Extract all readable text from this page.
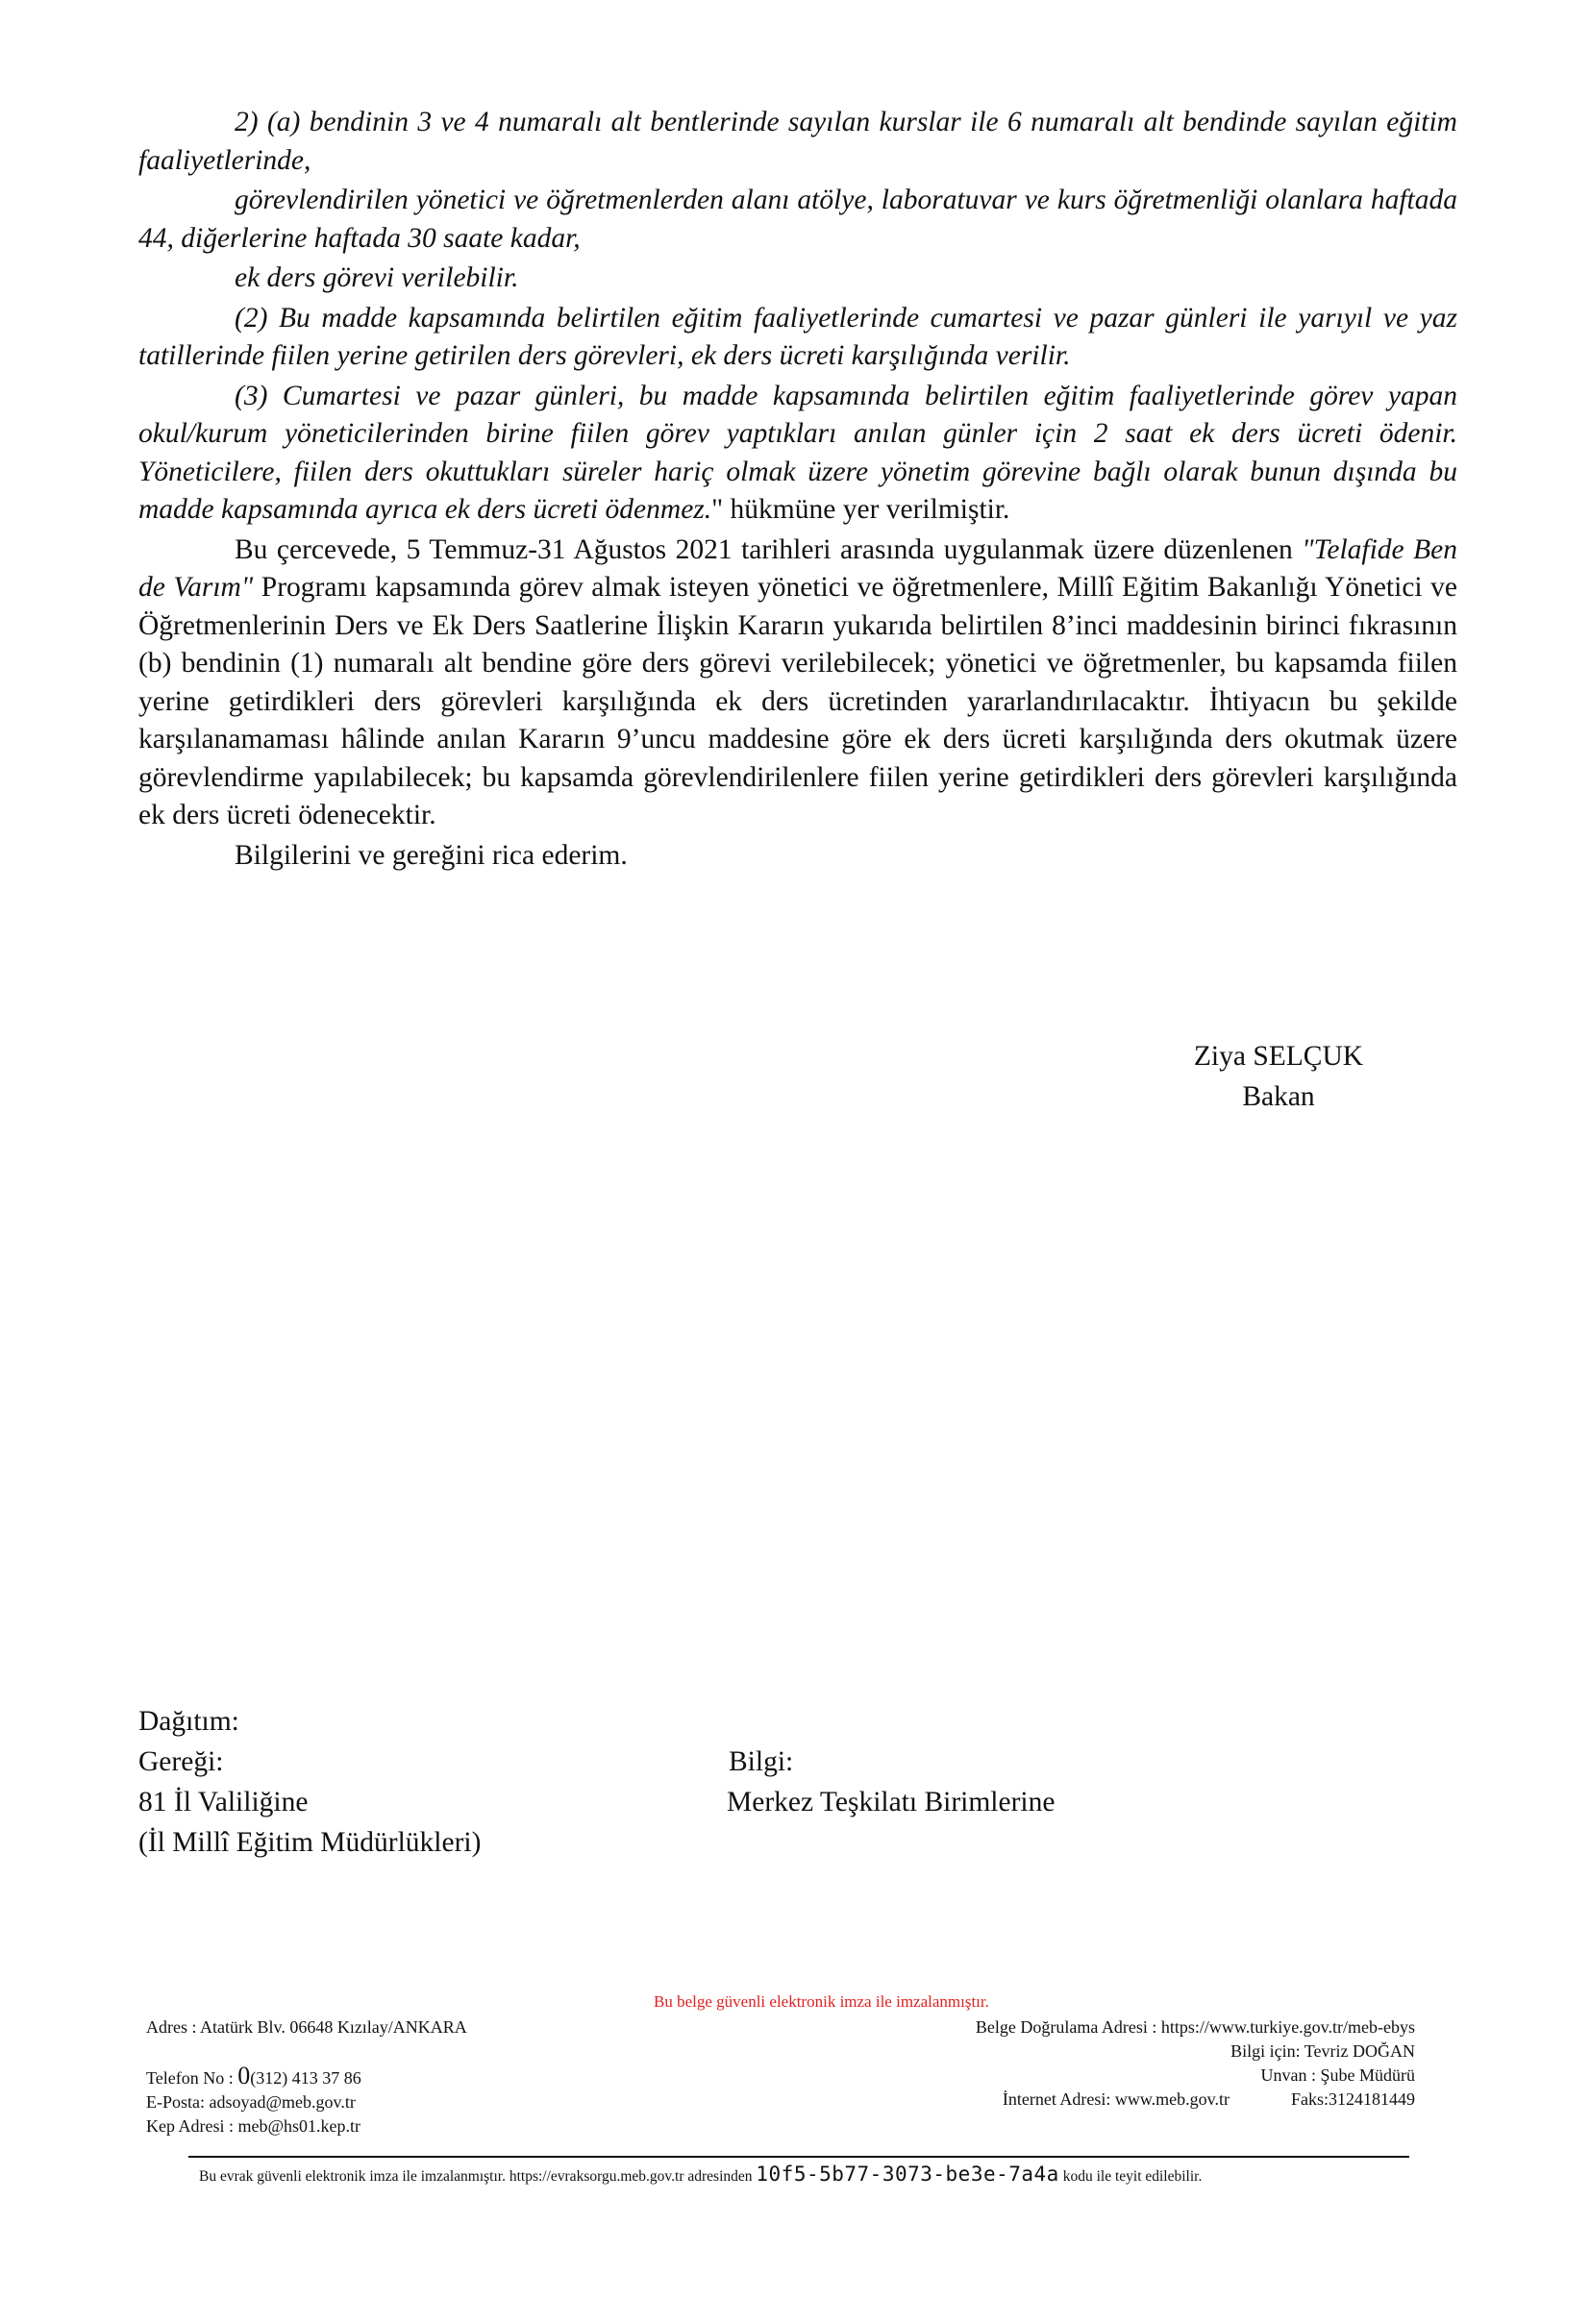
2) (a) bendinin 3 ve 4 numaralı alt bentlerinde sayılan kurslar ile 6 numaralı alt bendinde sayılan eğitim faaliyetlerinde,

görevlendirilen yönetici ve öğretmenlerden alanı atölye, laboratuvar ve kurs öğretmenliği olanlara haftada 44, diğerlerine haftada 30 saate kadar,

ek ders görevi verilebilir.

(2) Bu madde kapsamında belirtilen eğitim faaliyetlerinde cumartesi ve pazar günleri ile yarıyıl ve yaz tatillerinde fiilen yerine getirilen ders görevleri, ek ders ücreti karşılığında verilir.

(3) Cumartesi ve pazar günleri, bu madde kapsamında belirtilen eğitim faaliyetlerinde görev yapan okul/kurum yöneticilerinden birine fiilen görev yaptıkları anılan günler için 2 saat ek ders ücreti ödenir. Yöneticilere, fiilen ders okuttukları süreler hariç olmak üzere yönetim görevine bağlı olarak bunun dışında bu madde kapsamında ayrıca ek ders ücreti ödenmez." hükmüne yer verilmiştir.

Bu çercevede, 5 Temmuz-31 Ağustos 2021 tarihleri arasında uygulanmak üzere düzenlenen "Telafide Ben de Varım" Programı kapsamında görev almak isteyen yönetici ve öğretmenlere, Millî Eğitim Bakanlığı Yönetici ve Öğretmenlerinin Ders ve Ek Ders Saatlerine İlişkin Kararın yukarıda belirtilen 8’inci maddesinin birinci fıkrasının (b) bendinin (1) numaralı alt bendine göre ders görevi verilebilecek; yönetici ve öğretmenler, bu kapsamda fiilen yerine getirdikleri ders görevleri karşılığında ek ders ücretinden yararlandırılacaktır. İhtiyacın bu şekilde karşılanamaması hâlinde anılan Kararın 9’uncu maddesine göre ek ders ücreti karşılığında ders okutmak üzere görevlendirme yapılabilecek; bu kapsamda görevlendirilenlere fiilen yerine getirdikleri ders görevleri karşılığında ek ders ücreti ödenecektir.

Bilgilerini ve gereğini rica ederim.

Ziya SELÇUK
Bakan
Dağıtım:
Gereği:
81 İl Valiliğine
(İl Millî Eğitim Müdürlükleri)
Bilgi:
Merkez Teşkilatı Birimlerine
Bu belge güvenli elektronik imza ile imzalanmıştır.
Adres : Atatürk Blv. 06648 Kızılay/ANKARA
Telefon No : 0(312) 413 37 86
E-Posta: adsoyad@meb.gov.tr
Kep Adresi : meb@hs01.kep.tr
Belge Doğrulama Adresi : https://www.turkiye.gov.tr/meb-ebys
Bilgi için: Tevriz DOĞAN
Unvan : Şube Müdürü
İnternet Adresi: www.meb.gov.tr	Faks:3124181449
Bu evrak güvenli elektronik imza ile imzalanmıştır. https://evraksorgu.meb.gov.tr adresinden 10f5-5b77-3073-be3e-7a4a kodu ile teyit edilebilir.
